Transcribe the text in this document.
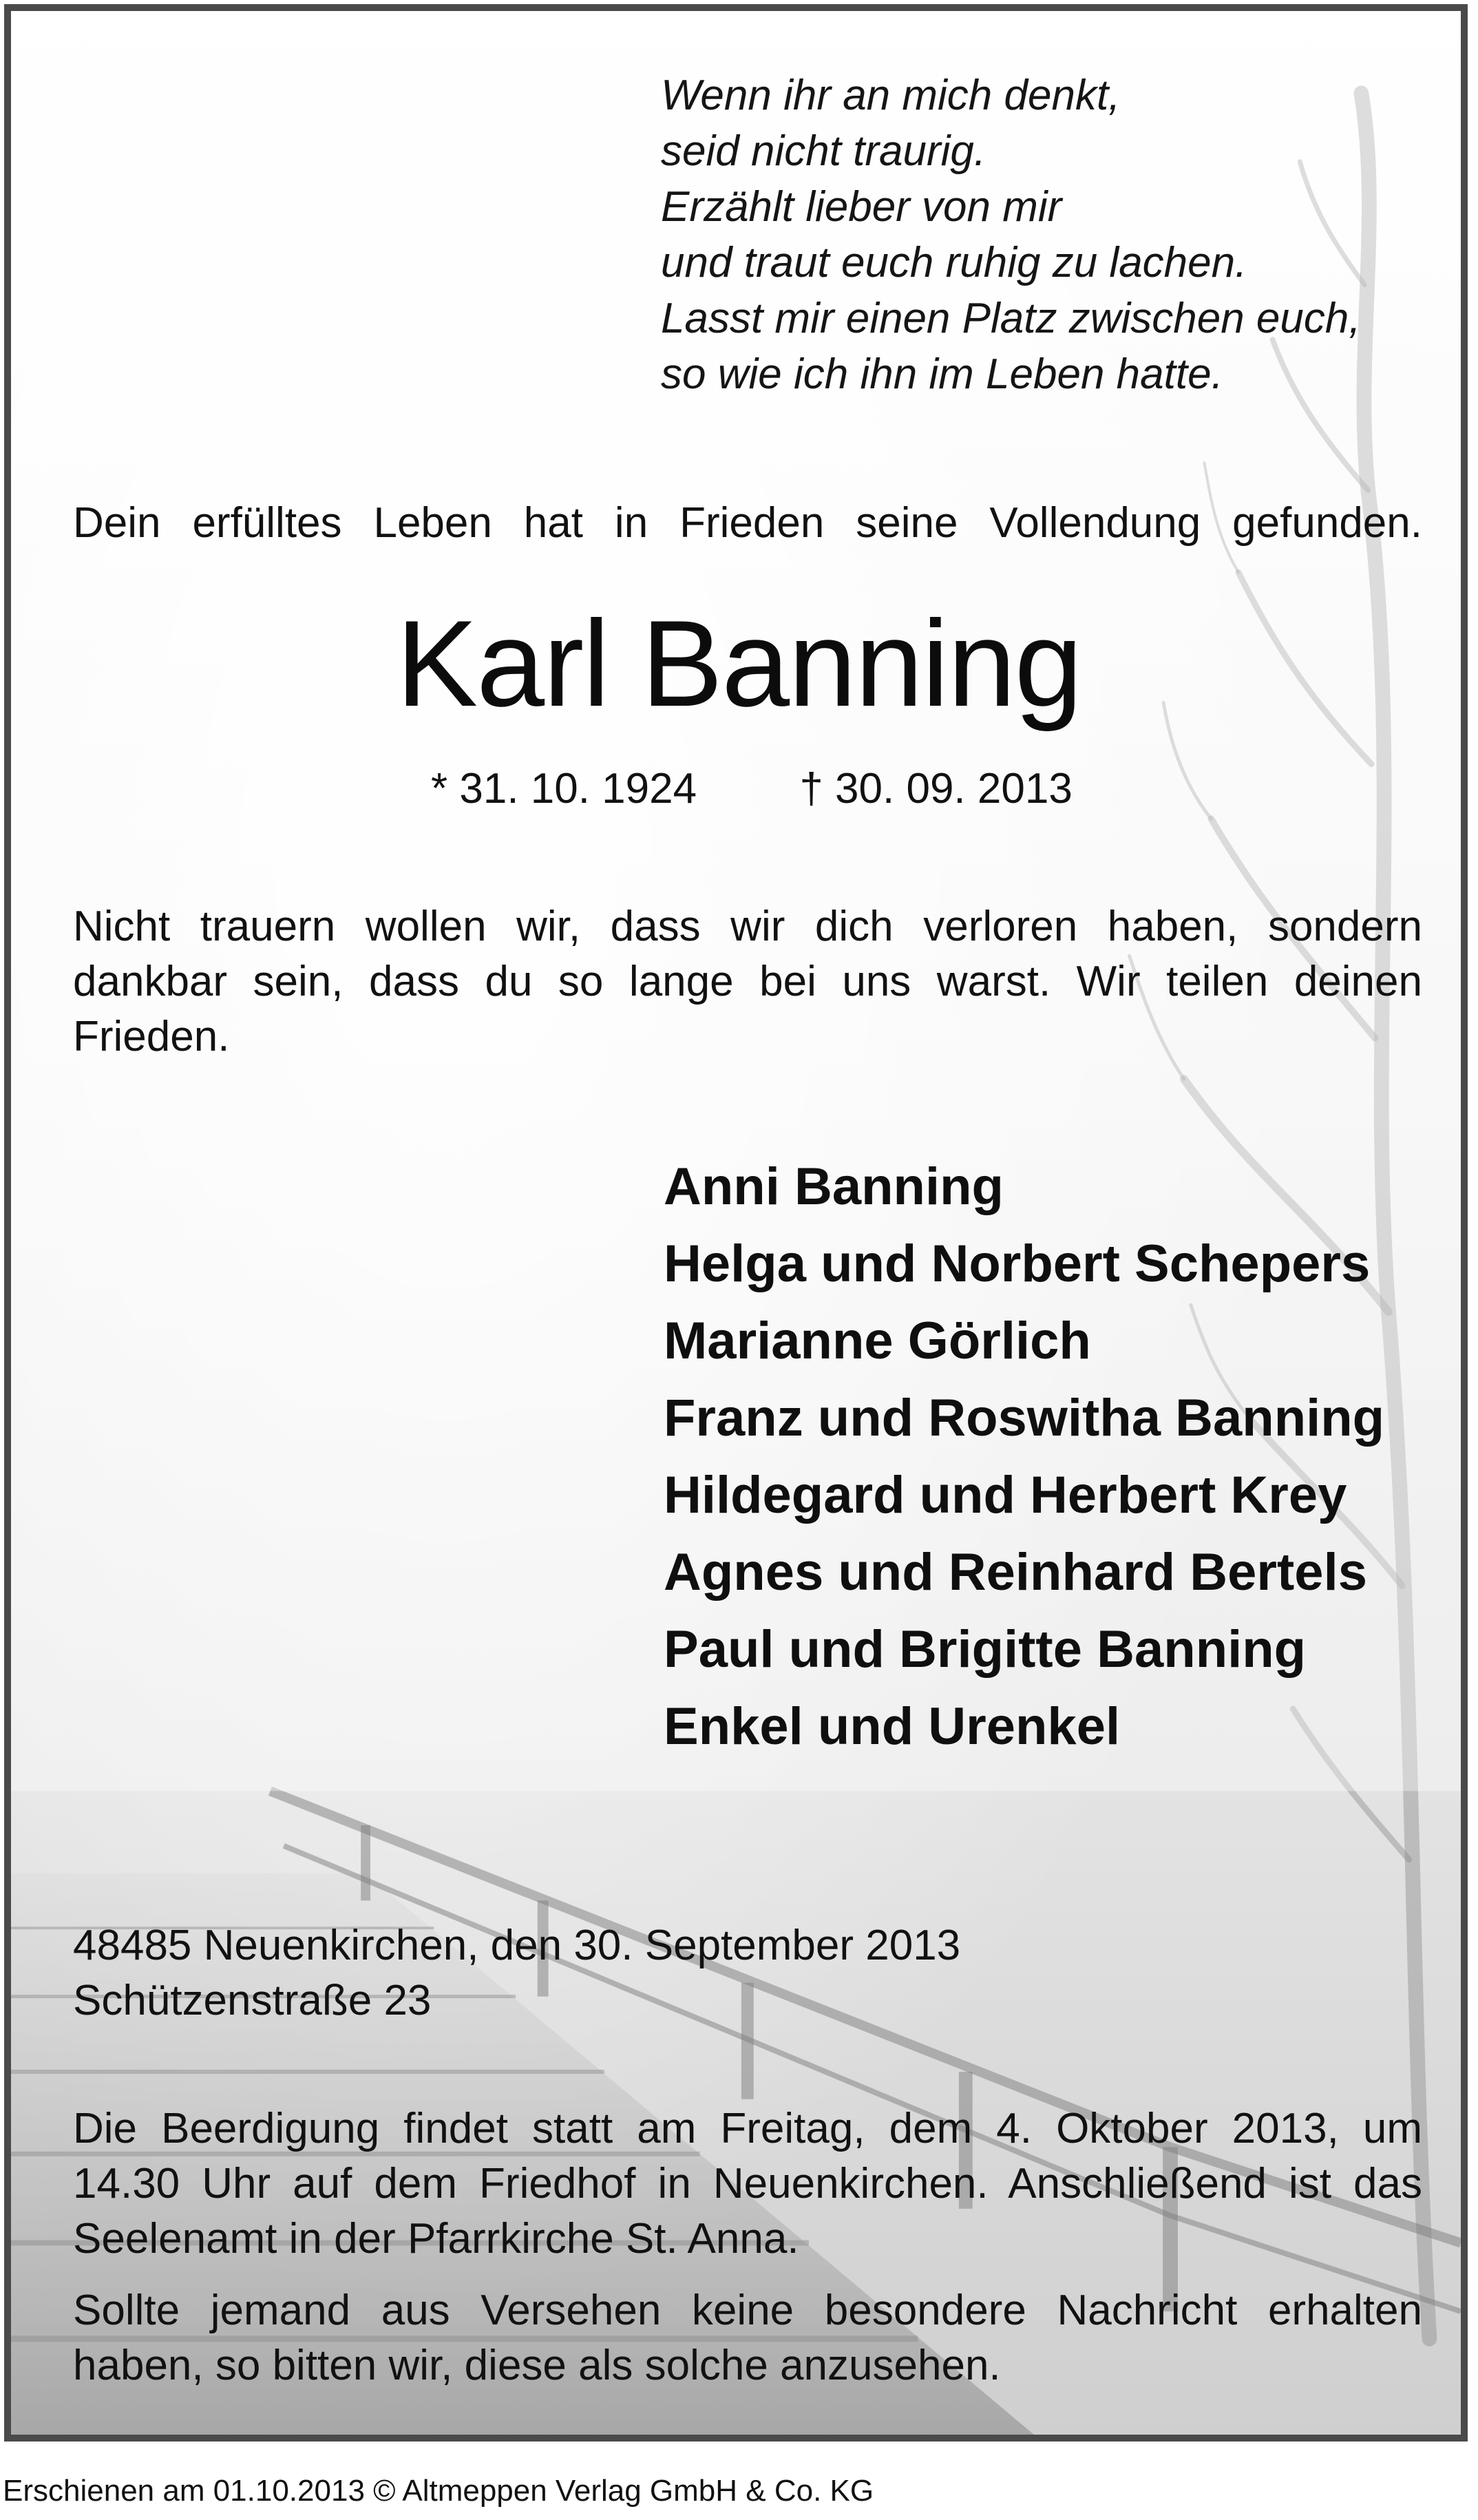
Wenn ihr an mich denkt,
seid nicht traurig.
Erzählt lieber von mir
und traut euch ruhig zu lachen.
Lasst mir einen Platz zwischen euch,
so wie ich ihn im Leben hatte.
Dein erfülltes Leben hat in Frieden seine Vollendung gefunden.
Karl Banning
* 31. 10. 1924 † 30. 09. 2013
Nicht trauern wollen wir, dass wir dich verloren haben, sondern
dankbar sein, dass du so lange bei uns warst. Wir teilen deinen
Frieden.
Anni Banning
Helga und Norbert Schepers
Marianne Görlich
Franz und Roswitha Banning
Hildegard und Herbert Krey
Agnes und Reinhard Bertels
Paul und Brigitte Banning
Enkel und Urenkel
48485 Neuenkirchen, den 30. September 2013
Schützenstraße 23
Die Beerdigung findet statt am Freitag, dem 4. Oktober 2013, um
14.30 Uhr auf dem Friedhof in Neuenkirchen. Anschließend ist das
Seelenamt in der Pfarrkirche St. Anna.
Sollte jemand aus Versehen keine besondere Nachricht erhalten
haben, so bitten wir, diese als solche anzusehen.
Erschienen am 01.10.2013 © Altmeppen Verlag GmbH & Co. KG
